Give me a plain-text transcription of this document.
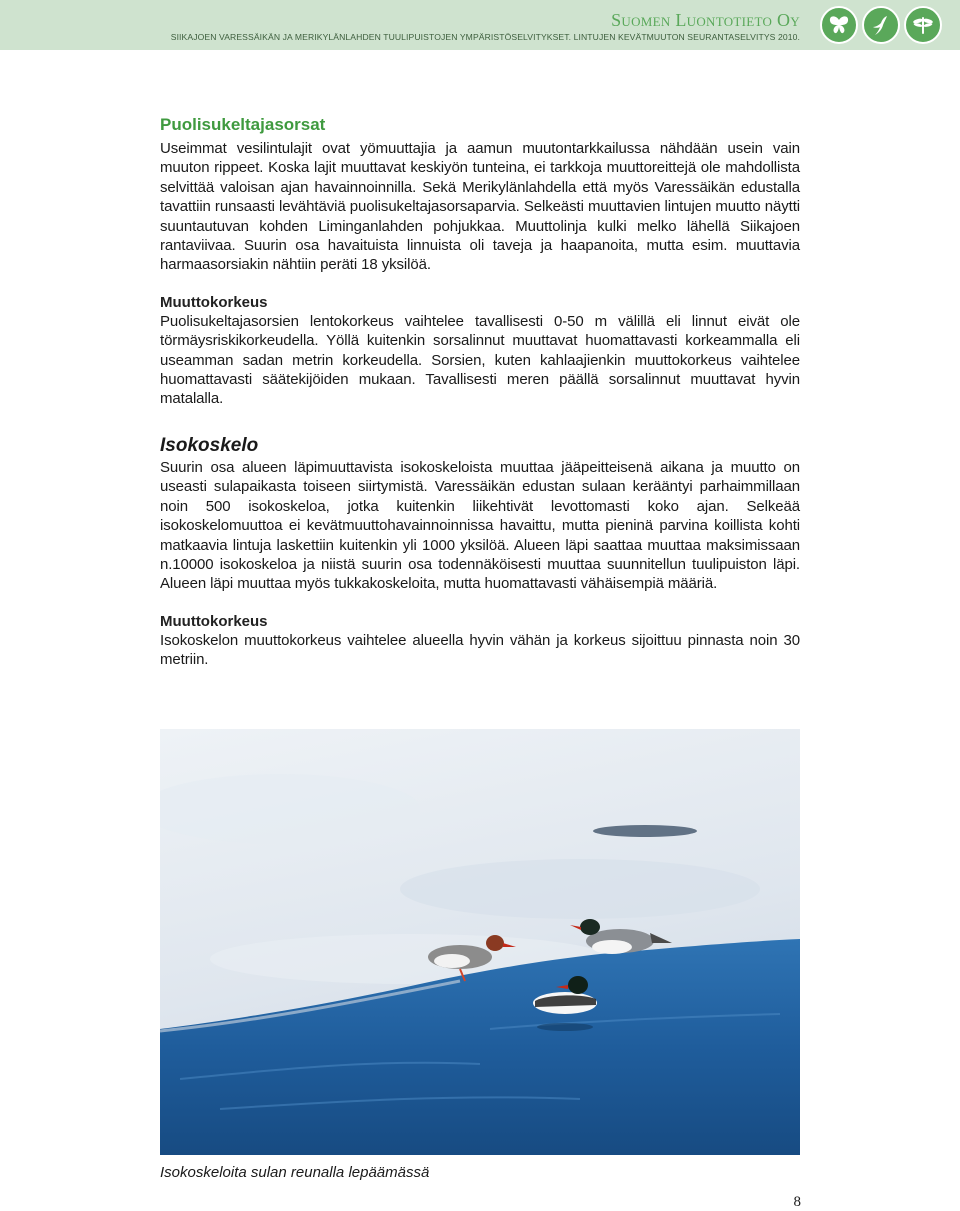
Suomen Luontotieto Oy
SIIKAJOEN VARESSÄIKÄN JA MERIKYLÄNLAHDEN TUULIPUISTOJEN YMPÄRISTÖSELVITYKSET. LINTUJEN KEVÄTMUUTON SEURANTASELVITYS 2010.
Puolisukeltajasorsat

Useimmat vesilintulajit ovat yömuuttajia ja aamun muutontarkkailussa nähdään usein vain muuton rippeet. Koska lajit muuttavat keskiyön tunteina, ei tarkkoja muuttoreittejä ole mahdollista selvittää valoisan ajan havainnoinnilla. Sekä Merikylänlahdella että myös Varessäikän edustalla tavattiin runsaasti levähtäviä puolisukeltajasorsaparvia. Selkeästi muuttavien lintujen muutto näytti suuntautuvan kohden Liminganlahden pohjukkaa. Muuttolinja kulki melko lähellä Siikajoen rantaviivaa. Suurin osa havaituista linnuista oli taveja ja haapanoita, mutta esim. muuttavia harmaasorsiakin nähtiin peräti 18 yksilöä.

Muuttokorkeus

Puolisukeltajasorsien lentokorkeus vaihtelee tavallisesti 0-50 m välillä eli linnut eivät ole törmäysriskikorkeudella. Yöllä kuitenkin sorsalinnut muuttavat huomattavasti korkeammalla eli useamman sadan metrin korkeudella. Sorsien, kuten kahlaajienkin muuttokorkeus vaihtelee huomattavasti säätekijöiden mukaan. Tavallisesti meren päällä sorsalinnut muuttavat hyvin matalalla.

Isokoskelo

Suurin osa alueen läpimuuttavista isokoskeloista muuttaa jääpeitteisenä aikana ja muutto on useasti sulapaikasta toiseen siirtymistä. Varessäikän edustan sulaan kerääntyi parhaimmillaan noin 500 isokoskeloa, jotka kuitenkin liikehtivät levottomasti koko ajan. Selkeää isokoskelomuuttoa ei kevätmuuttohavainnoinnissa havaittu, mutta pieninä parvina koillista kohti matkaavia lintuja laskettiin kuitenkin yli 1000 yksilöä. Alueen läpi saattaa muuttaa maksimissaan n.10000 isokoskeloa ja niistä suurin osa todennäköisesti muuttaa suunnitellun tuulipuiston läpi. Alueen läpi muuttaa myös tukkakoskeloita, mutta huomattavasti vähäisempiä määriä.

Muuttokorkeus

Isokoskelon muuttokorkeus vaihtelee alueella hyvin vähän ja korkeus sijoittuu pinnasta noin 30 metriin.

Isokoskeloita sulan reunalla lepäämässä
8
